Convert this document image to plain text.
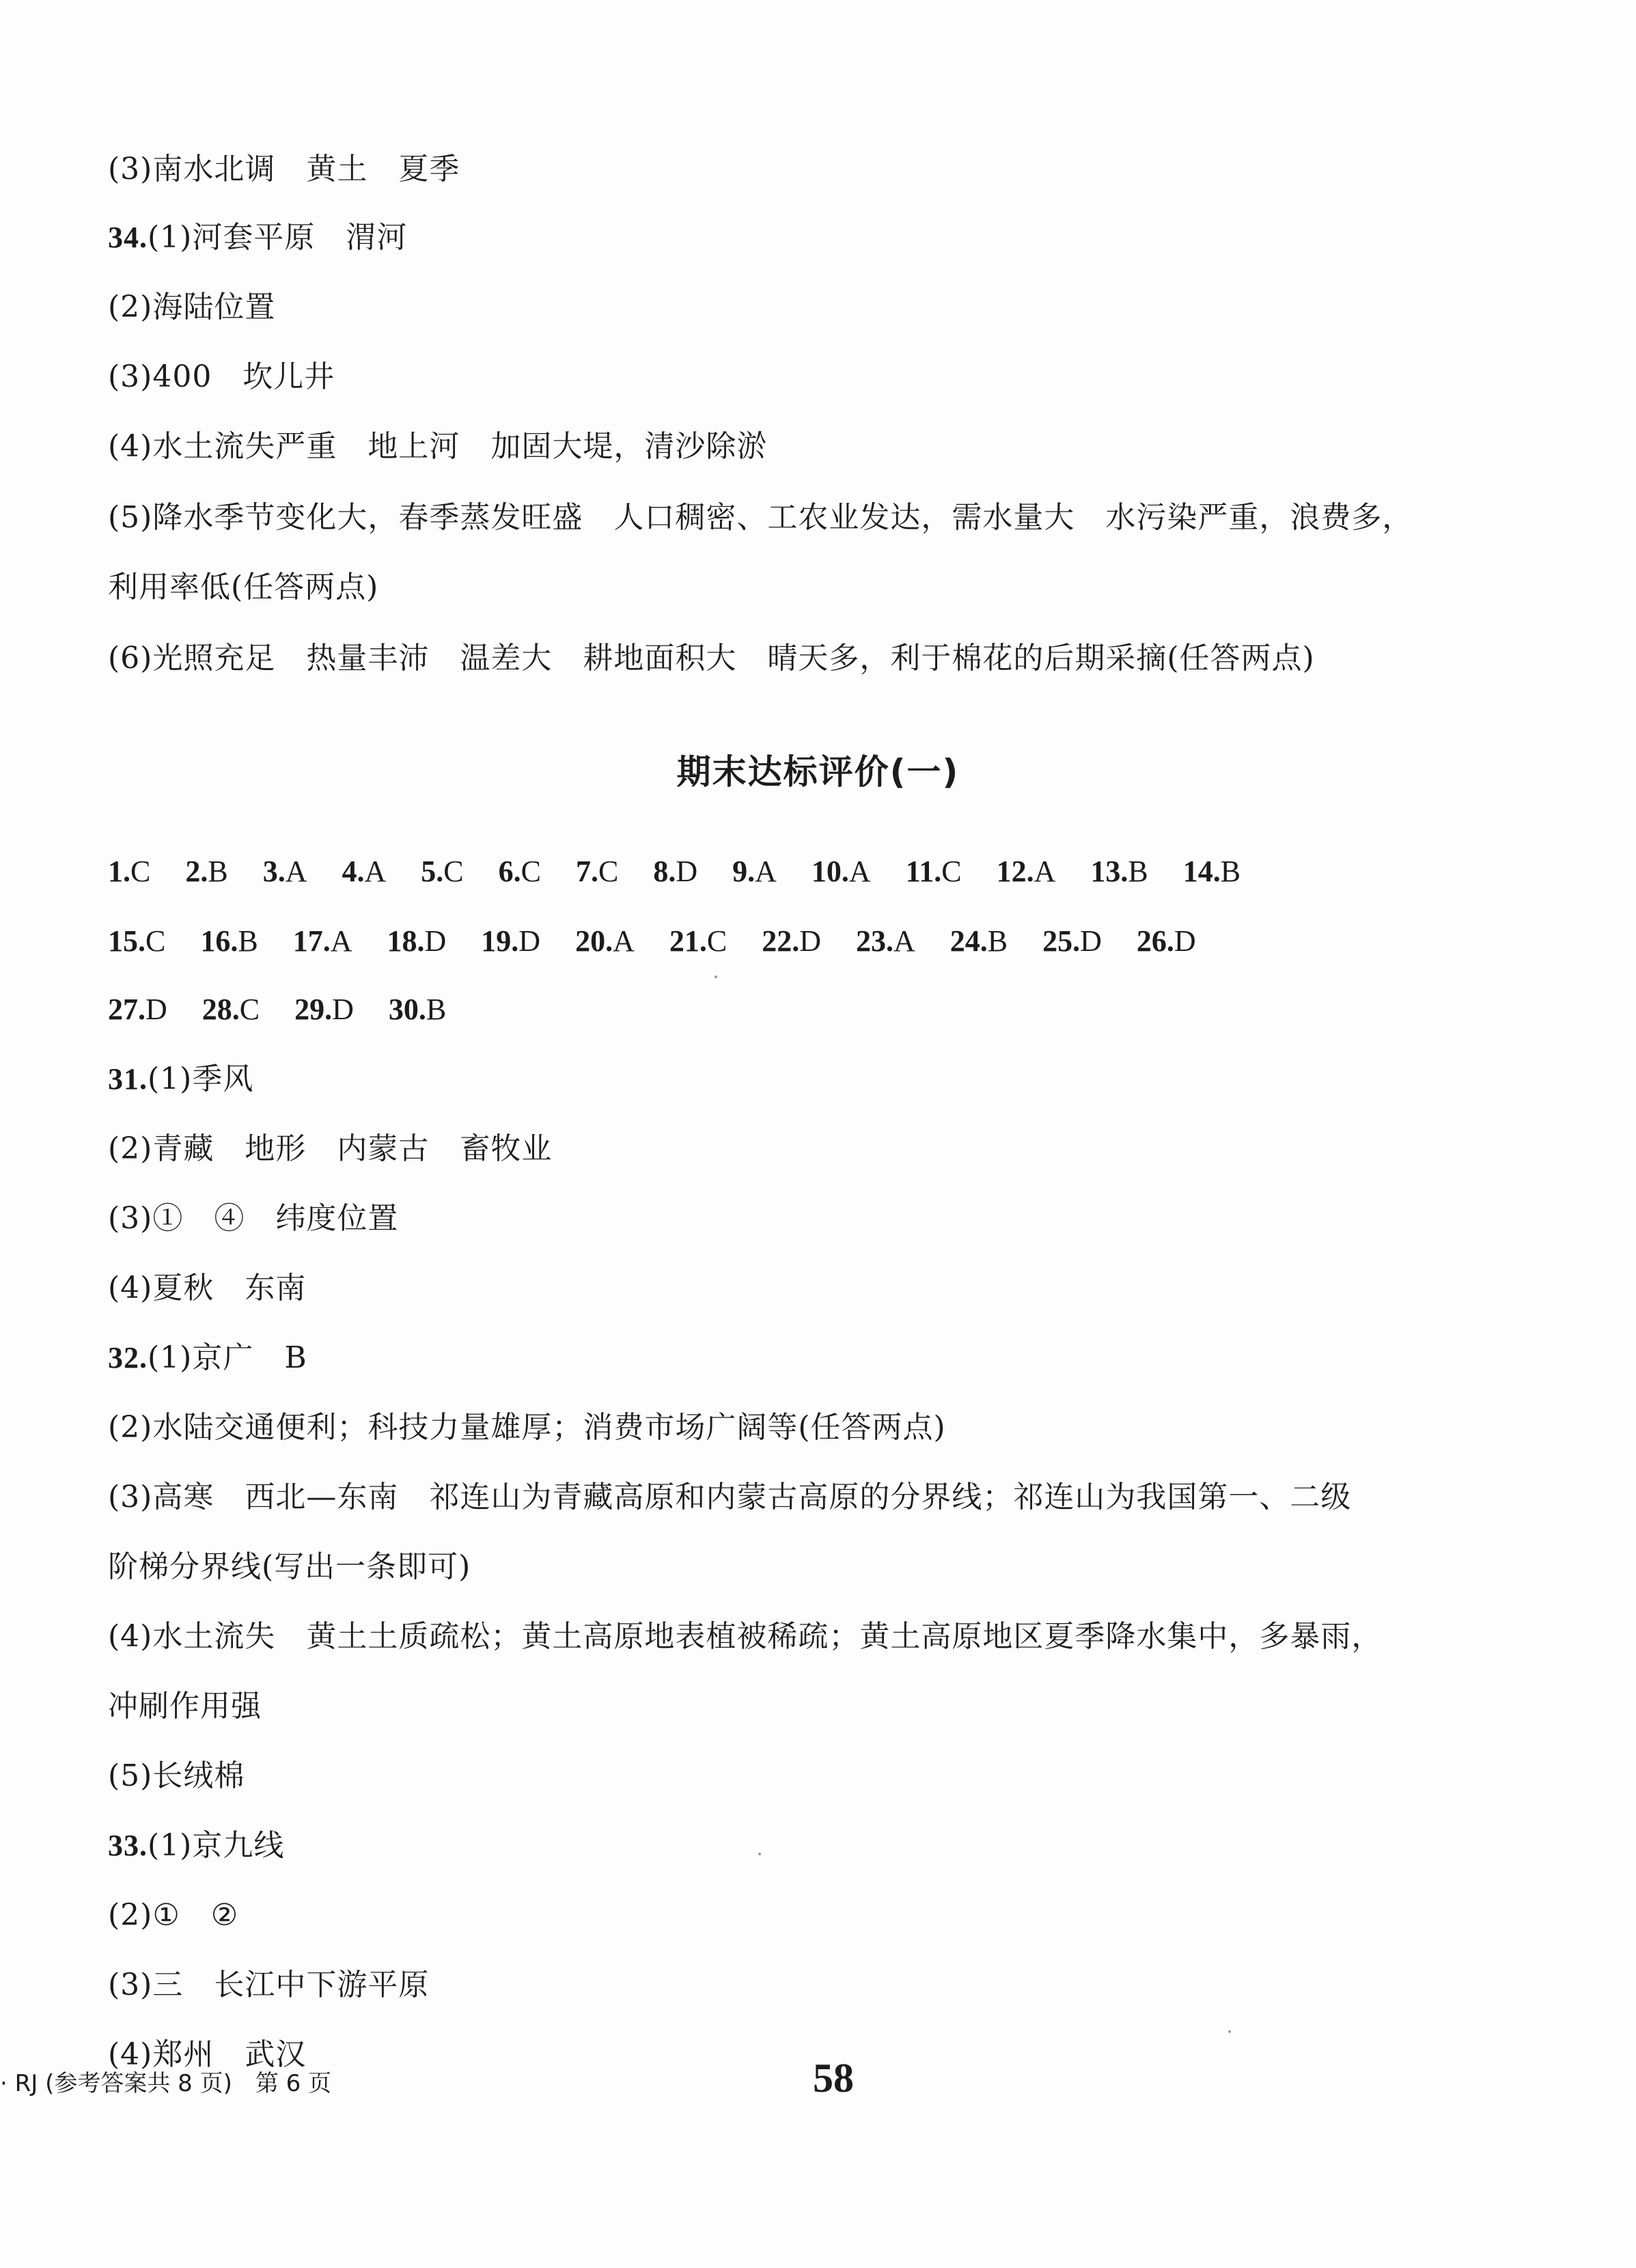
(3)南水北调　黄土　夏季
34.(1)河套平原　渭河
(2)海陆位置
(3)400　坎儿井
(4)水土流失严重　地上河　加固大堤，清沙除淤
(5)降水季节变化大，春季蒸发旺盛　人口稠密、工农业发达，需水量大　水污染严重，浪费多，
利用率低(任答两点)
(6)光照充足　热量丰沛　温差大　耕地面积大　晴天多，利于棉花的后期采摘(任答两点)
期末达标评价(一)
1.C 2.B 3.A 4.A 5.C 6.C 7.C 8.D 9.A 10.A 11.C 12.A 13.B 14.B
15.C 16.B 17.A 18.D 19.D 20.A 21.C 22.D 23.A 24.B 25.D 26.D
27.D 28.C 29.D 30.B
31.(1)季风
(2)青藏　地形　内蒙古　畜牧业
(3)①　④　纬度位置
(4)夏秋　东南
32.(1)京广　B
(2)水陆交通便利；科技力量雄厚；消费市场广阔等(任答两点)
(3)高寒　西北—东南　祁连山为青藏高原和内蒙古高原的分界线；祁连山为我国第一、二级
阶梯分界线(写出一条即可)
(4)水土流失　黄土土质疏松；黄土高原地表植被稀疏；黄土高原地区夏季降水集中，多暴雨，
冲刷作用强
(5)长绒棉
33.(1)京九线
(2)①　②
(3)三　长江中下游平原
(4)郑州　武汉
· RJ (参考答案共 8 页)　第 6 页	58
